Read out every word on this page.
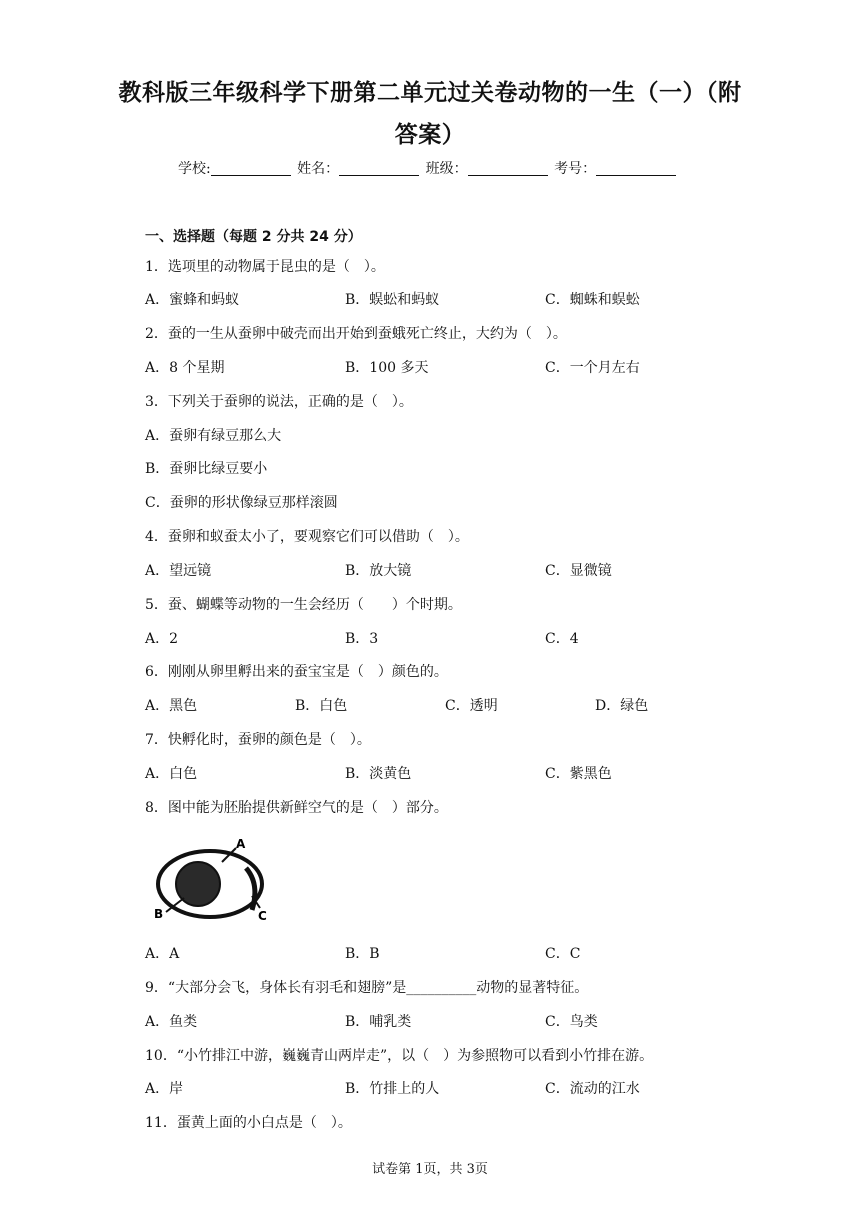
教科版三年级科学下册第二单元过关卷动物的一生（一）（附
答案）
学校:	姓名：	班级：	考号：
一、选择题（每题 2 分共 24 分）
1．选项里的动物属于昆虫的是（　）。
A．蜜蜂和蚂蚁	B．蜈蚣和蚂蚁	C．蜘蛛和蜈蚣
2．蚕的一生从蚕卵中破壳而出开始到蚕蛾死亡终止，大约为（　）。
A．8 个星期	B．100 多天	C．一个月左右
3．下列关于蚕卵的说法，正确的是（　）。
A．蚕卵有绿豆那么大
B．蚕卵比绿豆要小
C．蚕卵的形状像绿豆那样滚圆
4．蚕卵和蚁蚕太小了，要观察它们可以借助（　）。
A．望远镜	B．放大镜	C．显微镜
5．蚕、蝴蝶等动物的一生会经历（　　）个时期。
A．2	B．3	C．4
6．刚刚从卵里孵出来的蚕宝宝是（　）颜色的。
A．黑色	B．白色	C．透明	D．绿色
7．快孵化时，蚕卵的颜色是（　）。
A．白色	B．淡黄色	C．紫黑色
8．图中能为胚胎提供新鲜空气的是（　）部分。
A
B	C
A．A	B．B	C．C
9．“大部分会飞，身体长有羽毛和翅膀”是__________动物的显著特征。
A．鱼类	B．哺乳类	C．鸟类
10．“小竹排江中游，巍巍青山两岸走”，以（　）为参照物可以看到小竹排在游。
A．岸	B．竹排上的人	C．流动的江水
11．蛋黄上面的小白点是（　）。
试卷第 1页，共 3页
